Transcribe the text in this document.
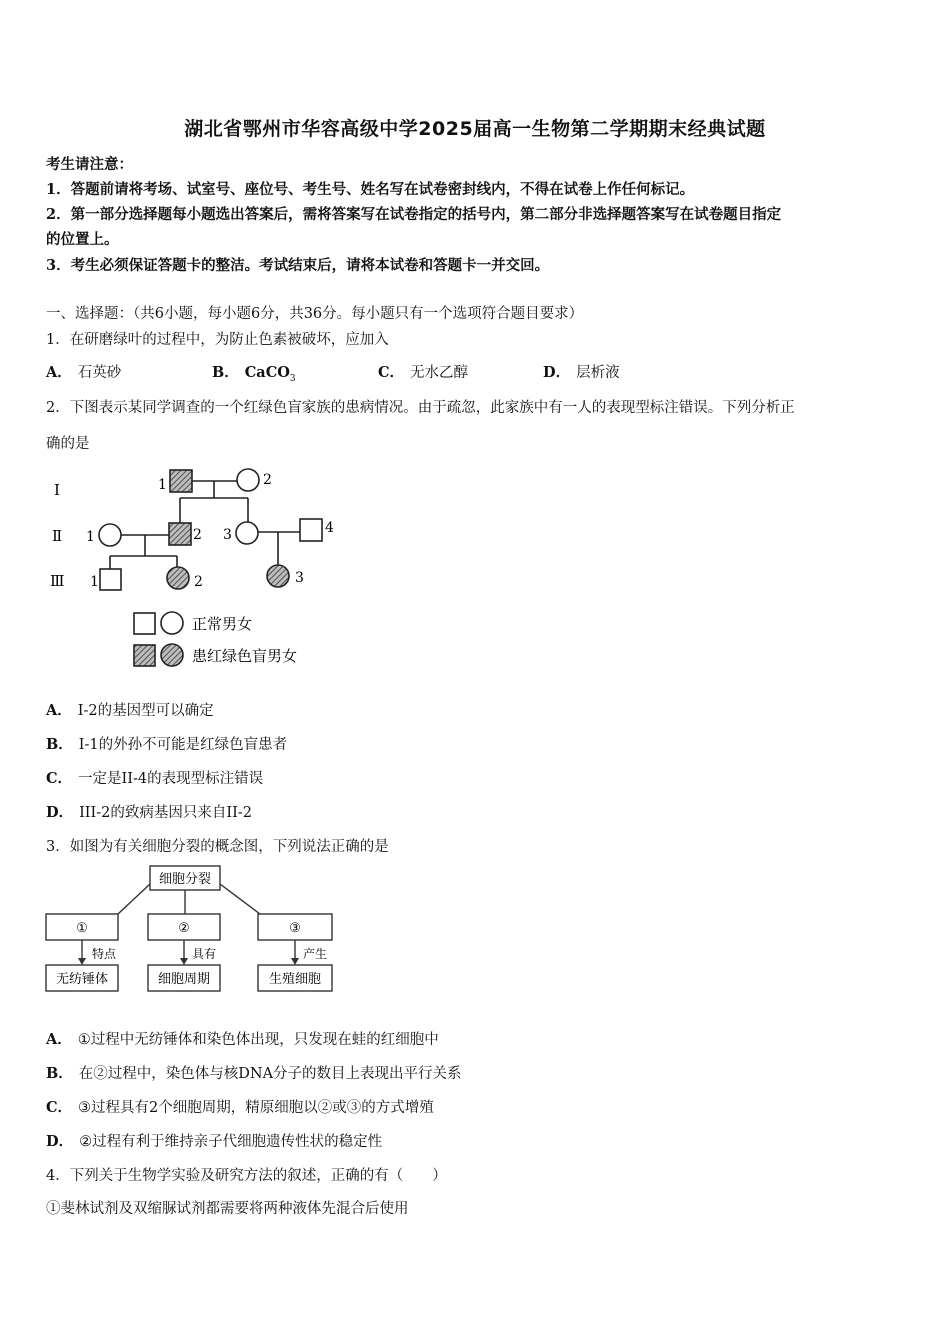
湖北省鄂州市华容高级中学2025届高一生物第二学期期末经典试题
考生请注意：
1．答题前请将考场、试室号、座位号、考生号、姓名写在试卷密封线内，不得在试卷上作任何标记。
2．第一部分选择题每小题选出答案后，需将答案写在试卷指定的括号内，第二部分非选择题答案写在试卷题目指定
的位置上。
3．考生必须保证答题卡的整洁。考试结束后，请将本试卷和答题卡一并交回。
一、选择题：（共6小题，每小题6分，共36分。每小题只有一个选项符合题目要求）
1．在研磨绿叶的过程中，为防止色素被破坏，应加入
A． 石英砂	B． CaCO$_3$	C． 无水乙醇	D． 层析液
2．下图表示某同学调查的一个红绿色盲家族的患病情况。由于疏忽，此家族中有一人的表现型标注错误。下列分析正
确的是
Ⅰ
Ⅱ
Ⅲ
1	2
1	2 3	4
1	2	3
正常男女
患红绿色盲男女
A． I-2的基因型可以确定
B． I-1的外孙不可能是红绿色盲患者
C． 一定是II-4的表现型标注错误
D． III-2的致病基因只来自II-2
3．如图为有关细胞分裂的概念图，下列说法正确的是
细胞分裂
①	②	③
特点	具有	产生
无纺锤体	细胞周期	生殖细胞
A． ①过程中无纺锤体和染色体出现，只发现在蛙的红细胞中
B． 在②过程中，染色体与核DNA分子的数目上表现出平行关系
C． ③过程具有2个细胞周期，精原细胞以②或③的方式增殖
D． ②过程有利于维持亲子代细胞遗传性状的稳定性
4．下列关于生物学实验及研究方法的叙述，正确的有（　　）
①斐林试剂及双缩脲试剂都需要将两种液体先混合后使用
